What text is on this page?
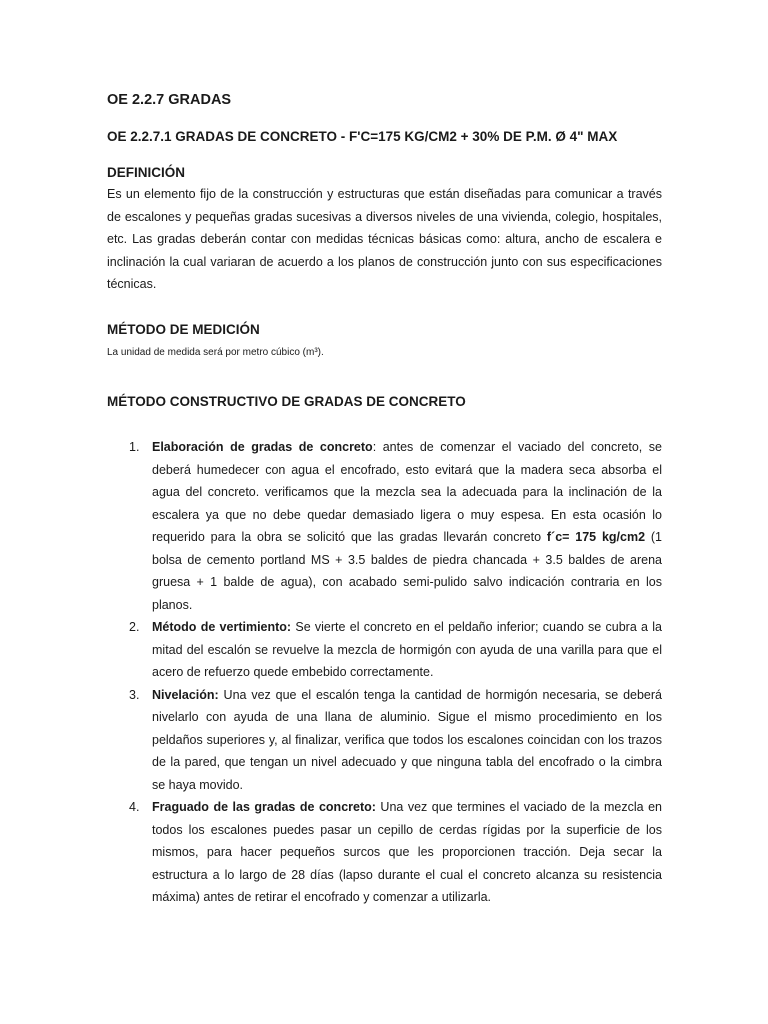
OE 2.2.7 GRADAS
OE 2.2.7.1 GRADAS DE CONCRETO - F'C=175 KG/CM2 + 30% DE P.M. Ø 4" MAX
DEFINICIÓN

Es un elemento fijo de la construcción y estructuras que están diseñadas para comunicar a través de escalones y pequeñas gradas sucesivas a diversos niveles de una vivienda, colegio, hospitales, etc. Las gradas deberán contar con medidas técnicas básicas como: altura, ancho de escalera e inclinación la cual variaran de acuerdo a los planos de construcción junto con sus especificaciones técnicas.

MÉTODO DE MEDICIÓN

La unidad de medida será por metro cúbico (m³).

MÉTODO CONSTRUCTIVO DE GRADAS DE CONCRETO
1. Elaboración de gradas de concreto: antes de comenzar el vaciado del concreto, se deberá humedecer con agua el encofrado, esto evitará que la madera seca absorba el agua del concreto. verificamos que la mezcla sea la adecuada para la inclinación de la escalera ya que no debe quedar demasiado ligera o muy espesa. En esta ocasión lo requerido para la obra se solicitó que las gradas llevarán concreto f´c= 175 kg/cm2 (1 bolsa de cemento portland MS + 3.5 baldes de piedra chancada + 3.5 baldes de arena gruesa + 1 balde de agua), con acabado semi-pulido salvo indicación contraria en los planos.
2. Método de vertimiento: Se vierte el concreto en el peldaño inferior; cuando se cubra a la mitad del escalón se revuelve la mezcla de hormigón con ayuda de una varilla para que el acero de refuerzo quede embebido correctamente.
3. Nivelación: Una vez que el escalón tenga la cantidad de hormigón necesaria, se deberá nivelarlo con ayuda de una llana de aluminio. Sigue el mismo procedimiento en los peldaños superiores y, al finalizar, verifica que todos los escalones coincidan con los trazos de la pared, que tengan un nivel adecuado y que ninguna tabla del encofrado o la cimbra se haya movido.
4. Fraguado de las gradas de concreto: Una vez que termines el vaciado de la mezcla en todos los escalones puedes pasar un cepillo de cerdas rígidas por la superficie de los mismos, para hacer pequeños surcos que les proporcionen tracción. Deja secar la estructura a lo largo de 28 días (lapso durante el cual el concreto alcanza su resistencia máxima) antes de retirar el encofrado y comenzar a utilizarla.
